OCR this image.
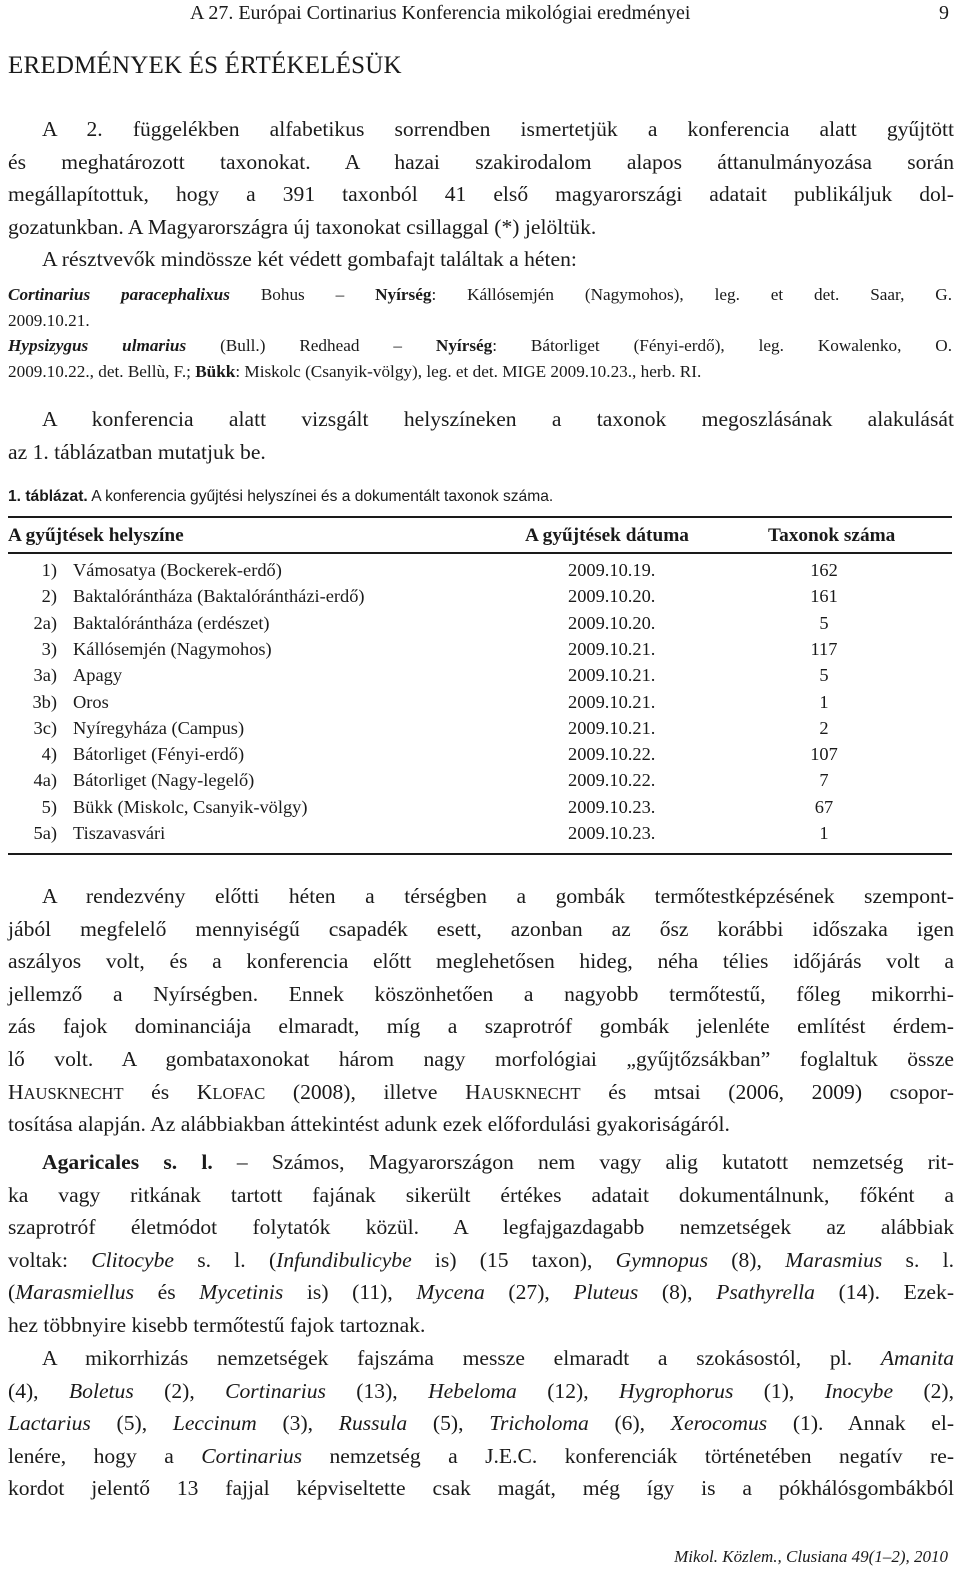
A 27. Európai Cortinarius Konferencia mikológiai eredményei	9
EREDMÉNYEK ÉS ÉRTÉKELÉSÜK
A 2. függelékben alfabetikus sorrendben ismertetjük a konferencia alatt gyűjtött
és meghatározott taxonokat. A hazai szakirodalom alapos áttanulmányozása során
megállapítottuk, hogy a 391 taxonból 41 első magyarországi adatait publikáljuk dol-
gozatunkban. A Magyarországra új taxonokat csillaggal (*) jelöltük.
A résztvevők mindössze két védett gombafajt találtak a héten:
Cortinarius paracephalixus Bohus – Nyírség: Kállósemjén (Nagymohos), leg. et det. Saar, G.
2009.10.21.
Hypsizygus ulmarius (Bull.) Redhead – Nyírség: Bátorliget (Fényi-erdő), leg. Kowalenko, O.
2009.10.22., det. Bellù, F.; Bükk: Miskolc (Csanyik-völgy), leg. et det. MIGE 2009.10.23., herb. RI.
A konferencia alatt vizsgált helyszíneken a taxonok megoszlásának alakulását
az 1. táblázatban mutatjuk be.
1. táblázat. A konferencia gyűjtési helyszínei és a dokumentált taxonok száma.
A gyűjtések helyszíne	A gyűjtések dátuma	Taxonok száma
1) Vámosatya (Bockerek-erdő)	2009.10.19.	162
2) Baktalórántháza (Baktalórántházi-erdő)	2009.10.20.	161
2a) Baktalórántháza (erdészet)	2009.10.20.	5
3) Kállósemjén (Nagymohos)	2009.10.21.	117
3a) Apagy	2009.10.21.	5
3b) Oros	2009.10.21.	1
3c) Nyíregyháza (Campus)	2009.10.21.	2
4) Bátorliget (Fényi-erdő)	2009.10.22.	107
4a) Bátorliget (Nagy-legelő)	2009.10.22.	7
5) Bükk (Miskolc, Csanyik-völgy)	2009.10.23.	67
5a) Tiszavasvári	2009.10.23.	1
A rendezvény előtti héten a térségben a gombák termőtestképzésének szempont-
jából megfelelő mennyiségű csapadék esett, azonban az ősz korábbi időszaka igen
aszályos volt, és a konferencia előtt meglehetősen hideg, néha télies időjárás volt a
jellemző a Nyírségben. Ennek köszönhetően a nagyobb termőtestű, főleg mikorrhi-
zás fajok dominanciája elmaradt, míg a szaprotróf gombák jelenléte említést érdem-
lő volt. A gombataxonokat három nagy morfológiai „gyűjtőzsákban” foglaltuk össze
HAUSKNECHT és KLOFAC (2008), illetve HAUSKNECHT és mtsai (2006, 2009) csopor-
tosítása alapján. Az alábbiakban áttekintést adunk ezek előfordulási gyakoriságáról.
Agaricales s. l. – Számos, Magyarországon nem vagy alig kutatott nemzetség rit-
ka vagy ritkának tartott fajának sikerült értékes adatait dokumentálnunk, főként a
szaprotróf életmódot folytatók közül. A legfajgazdagabb nemzetségek az alábbiak
voltak: Clitocybe s. l. (Infundibulicybe is) (15 taxon), Gymnopus (8), Marasmius s. l.
(Marasmiellus és Mycetinis is) (11), Mycena (27), Pluteus (8), Psathyrella (14). Ezek-
hez többnyire kisebb termőtestű fajok tartoznak.
A mikorrhizás nemzetségek fajszáma messze elmaradt a szokásostól, pl. Amanita
(4), Boletus (2), Cortinarius (13), Hebeloma (12), Hygrophorus (1), Inocybe (2),
Lactarius (5), Leccinum (3), Russula (5), Tricholoma (6), Xerocomus (1). Annak el-
lenére, hogy a Cortinarius nemzetség a J.E.C. konferenciák történetében negatív re-
kordot jelentő 13 fajjal képviseltette csak magát, még így is a pókhálósgombákból
Mikol. Közlem., Clusiana 49(1–2), 2010
